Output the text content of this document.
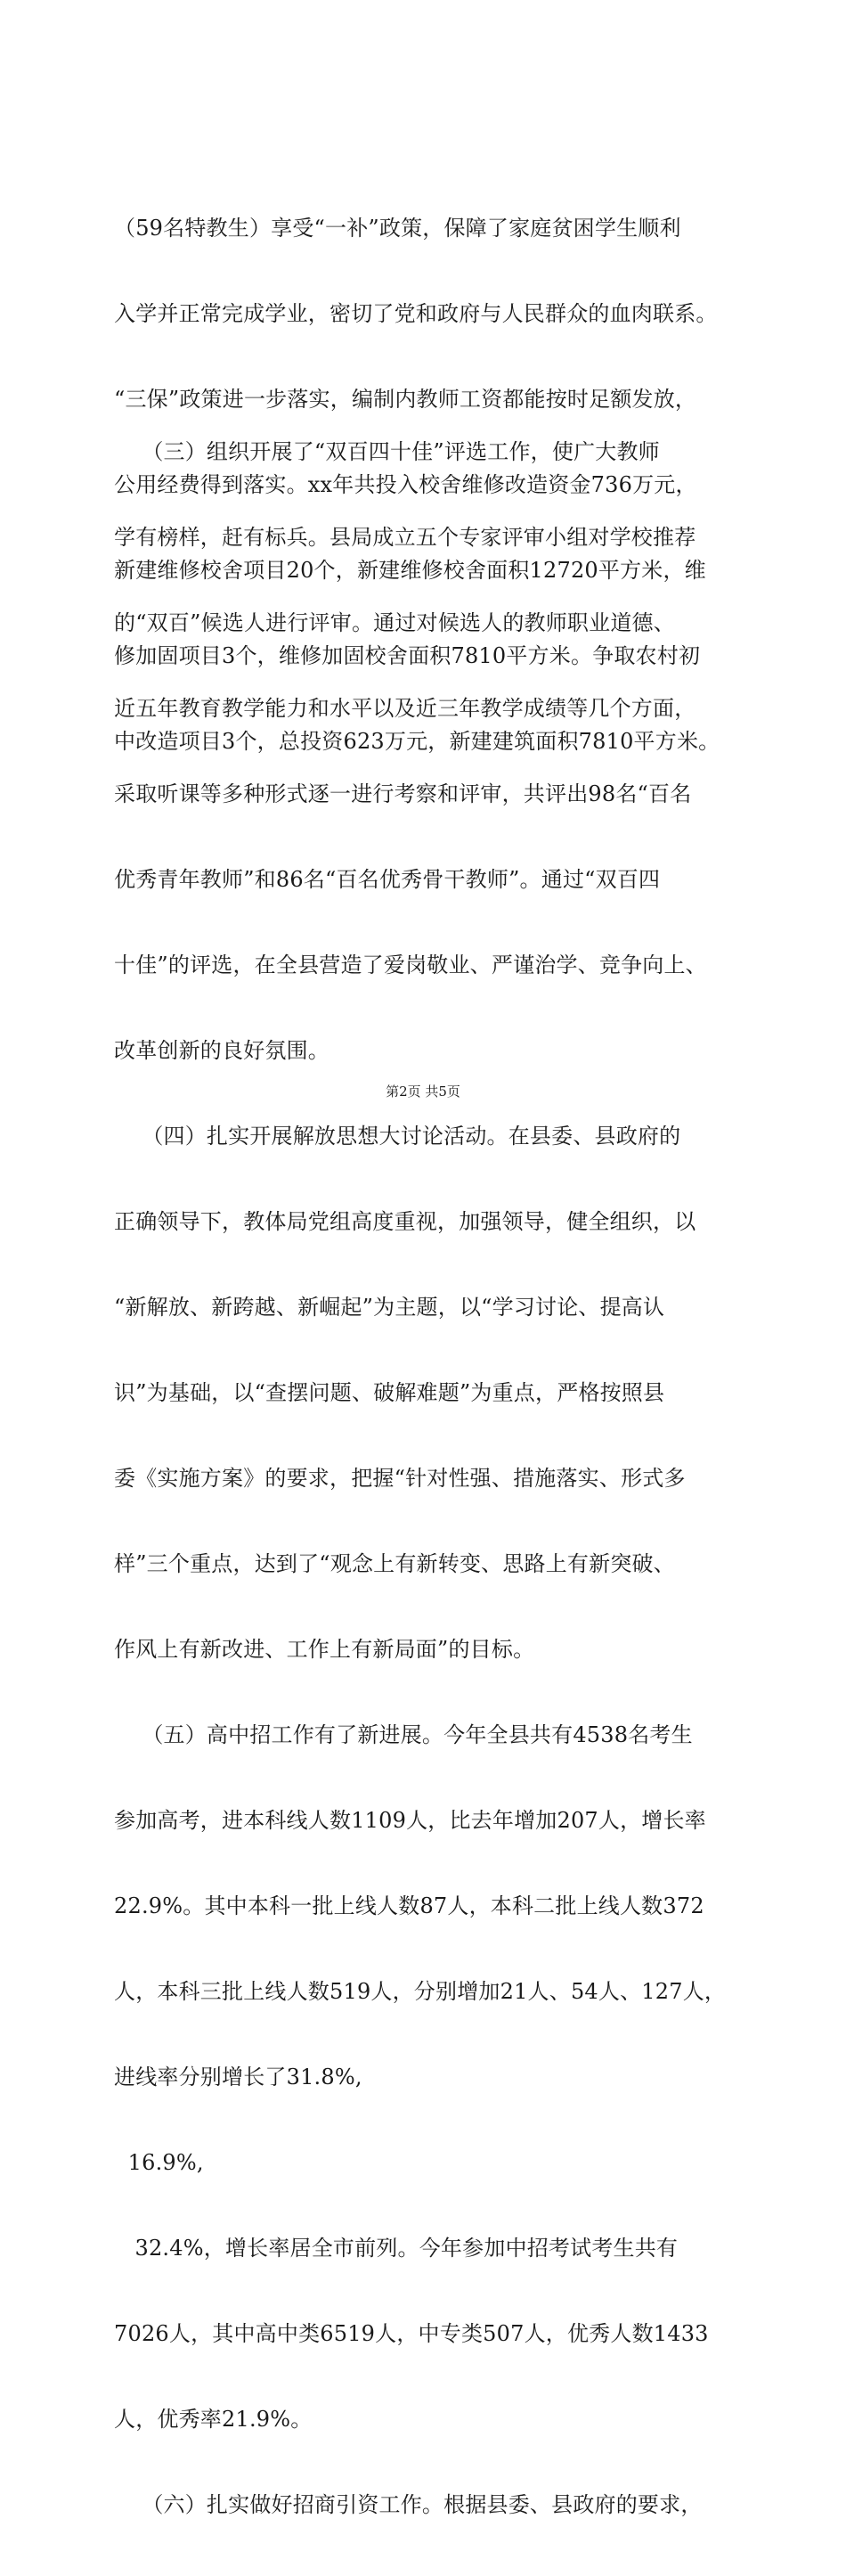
（59名特教生）享受“一补”政策，保障了家庭贫困学生顺利

入学并正常完成学业，密切了党和政府与人民群众的血肉联系。

“三保”政策进一步落实，编制内教师工资都能按时足额发放，

公用经费得到落实。xx年共投入校舍维修改造资金736万元，

新建维修校舍项目20个，新建维修校舍面积12720平方米，维

修加固项目3个，维修加固校舍面积7810平方米。争取农村初

中改造项目3个，总投资623万元，新建建筑面积7810平方米。

（三）组织开展了“双百四十佳”评选工作，使广大教师

学有榜样，赶有标兵。县局成立五个专家评审小组对学校推荐

的“双百”候选人进行评审。通过对候选人的教师职业道德、

近五年教育教学能力和水平以及近三年教学成绩等几个方面，

采取听课等多种形式逐一进行考察和评审，共评出98名“百名

优秀青年教师”和86名“百名优秀骨干教师”。通过“双百四

十佳”的评选，在全县营造了爱岗敬业、严谨治学、竞争向上、

改革创新的良好氛围。

（四）扎实开展解放思想大讨论活动。在县委、县政府的

正确领导下，教体局党组高度重视，加强领导，健全组织，以

“新解放、新跨越、新崛起”为主题，以“学习讨论、提高认

识”为基础，以“查摆问题、破解难题”为重点，严格按照县

委《实施方案》的要求，把握“针对性强、措施落实、形式多

样”三个重点，达到了“观念上有新转变、思路上有新突破、

作风上有新改进、工作上有新局面”的目标。

（五）高中招工作有了新进展。今年全县共有4538名考生

参加高考，进本科线人数1109人，比去年增加207人，增长率

22.9%。其中本科一批上线人数87人，本科二批上线人数372

人，本科三批上线人数519人，分别增加21人、54人、127人，

进线率分别增长了31.8%,

16.9%,

32.4%，增长率居全市前列。今年参加中招考试考生共有

7026人，其中高中类6519人，中专类507人，优秀人数1433

人，优秀率21.9%。

（六）扎实做好招商引资工作。根据县委、县政府的要求，

第2页 共5页
